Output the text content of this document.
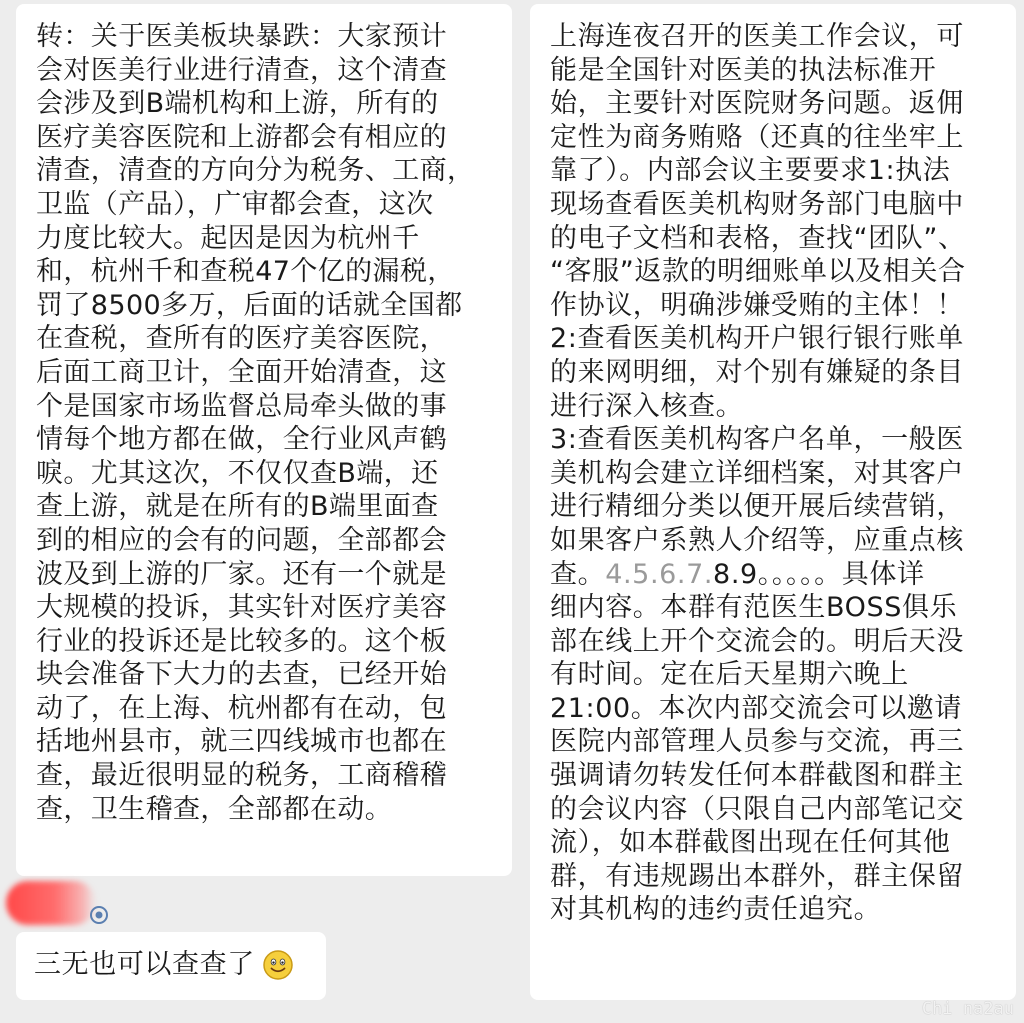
转：关于医美板块暴跌：大家预计
会对医美行业进行清查，这个清查
会涉及到B端机构和上游，所有的
医疗美容医院和上游都会有相应的
清查，清查的方向分为税务、工商，
卫监（产品），广审都会查，这次
力度比较大。起因是因为杭州千
和，杭州千和查税47个亿的漏税，
罚了8500多万，后面的话就全国都
在查税，查所有的医疗美容医院，
后面工商卫计，全面开始清查，这
个是国家市场监督总局牵头做的事
情每个地方都在做，全行业风声鹤
唳。尤其这次，不仅仅查B端，还
查上游，就是在所有的B端里面查
到的相应的会有的问题，全部都会
波及到上游的厂家。还有一个就是
大规模的投诉，其实针对医疗美容
行业的投诉还是比较多的。这个板
块会准备下大力的去查，已经开始
动了，在上海、杭州都有在动，包
括地州县市，就三四线城市也都在
查，最近很明显的税务，工商稽稽
查，卫生稽查，全部都在动。

上海连夜召开的医美工作会议，可
能是全国针对医美的执法标准开
始，主要针对医院财务问题。返佣
定性为商务贿赂（还真的往坐牢上
靠了）。内部会议主要要求1:执法
现场查看医美机构财务部门电脑中
的电子文档和表格，查找“团队”、
“客服”返款的明细账单以及相关合
作协议，明确涉嫌受贿的主体！！
2:查看医美机构开户银行银行账单
的来网明细，对个别有嫌疑的条目
进行深入核查。
3:查看医美机构客户名单，一般医
美机构会建立详细档案，对其客户
进行精细分类以便开展后续营销，
如果客户系熟人介绍等，应重点核
查。4.5.6.7.8.9。。。。。具体详
细内容。本群有范医生BOSS俱乐
部在线上开个交流会的。明后天没
有时间。定在后天星期六晚上
21:00。本次内部交流会可以邀请
医院内部管理人员参与交流，再三
强调请勿转发任何本群截图和群主
的会议内容（只限自己内部笔记交
流），如本群截图出现在任何其他
群，有违规踢出本群外，群主保留
对其机构的违约责任追究。

三无也可以查查了
Chi na2au
